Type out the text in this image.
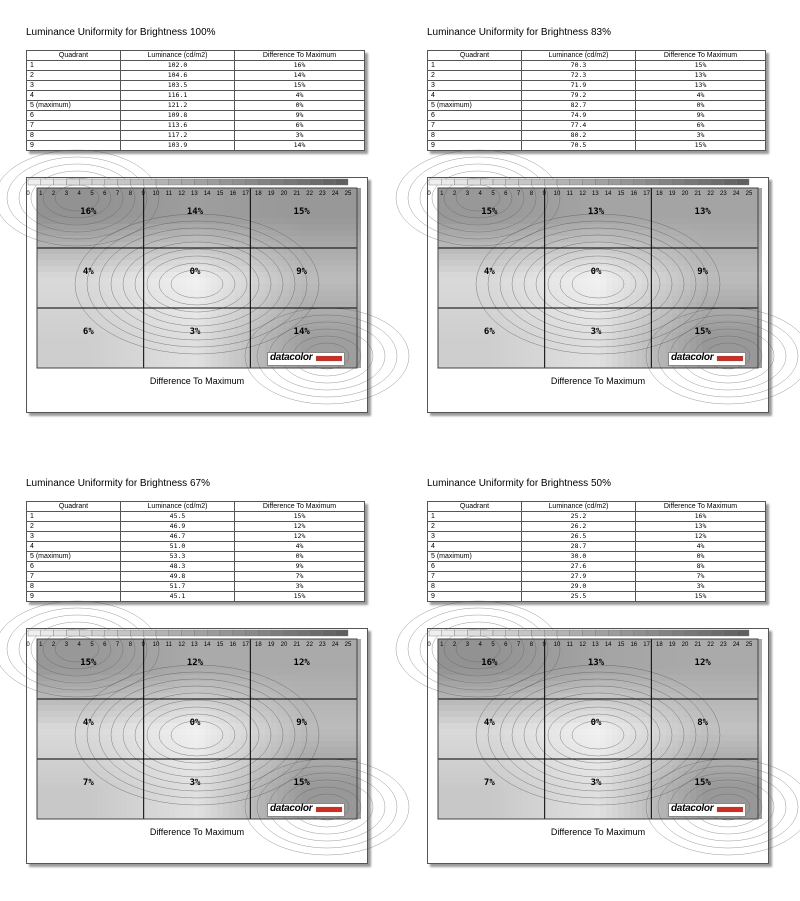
Luminance Uniformity for Brightness 100%
Quadrant	Luminance (cd/m2)	Difference To Maximum
1	102.0	16%
2	104.6	14%
3	103.5	15%
4	116.1	4%
5 (maximum)	121.2	0%
6	109.8	9%
7	113.6	6%
8	117.2	3%
9	103.9	14%
16%	14%	15%
4%	0%	9%
6%	3%	14%
datacolor
Difference To Maximum
0 1 2 3 4 5 6 7 8 9 10 11 12 13 14 15 16 17 18 19 20 21 22 23 24 25
Luminance Uniformity for Brightness 83%
Quadrant	Luminance (cd/m2)	Difference To Maximum
1	70.3	15%
2	72.3	13%
3	71.9	13%
4	79.2	4%
5 (maximum)	82.7	0%
6	74.9	9%
7	77.4	6%
8	80.2	3%
9	70.5	15%
15%	13%	13%
4%	0%	9%
6%	3%	15%
datacolor
Difference To Maximum
0 1 2 3 4 5 6 7 8 9 10 11 12 13 14 15 16 17 18 19 20 21 22 23 24 25
Luminance Uniformity for Brightness 67%
Quadrant	Luminance (cd/m2)	Difference To Maximum
1	45.5	15%
2	46.9	12%
3	46.7	12%
4	51.0	4%
5 (maximum)	53.3	0%
6	48.3	9%
7	49.8	7%
8	51.7	3%
9	45.1	15%
15%	12%	12%
4%	0%	9%
7%	3%	15%
datacolor
Difference To Maximum
0 1 2 3 4 5 6 7 8 9 10 11 12 13 14 15 16 17 18 19 20 21 22 23 24 25
Luminance Uniformity for Brightness 50%
Quadrant	Luminance (cd/m2)	Difference To Maximum
1	25.2	16%
2	26.2	13%
3	26.5	12%
4	28.7	4%
5 (maximum)	30.0	0%
6	27.6	8%
7	27.9	7%
8	29.0	3%
9	25.5	15%
16%	13%	12%
4%	0%	8%
7%	3%	15%
datacolor
Difference To Maximum
0 1 2 3 4 5 6 7 8 9 10 11 12 13 14 15 16 17 18 19 20 21 22 23 24 25
